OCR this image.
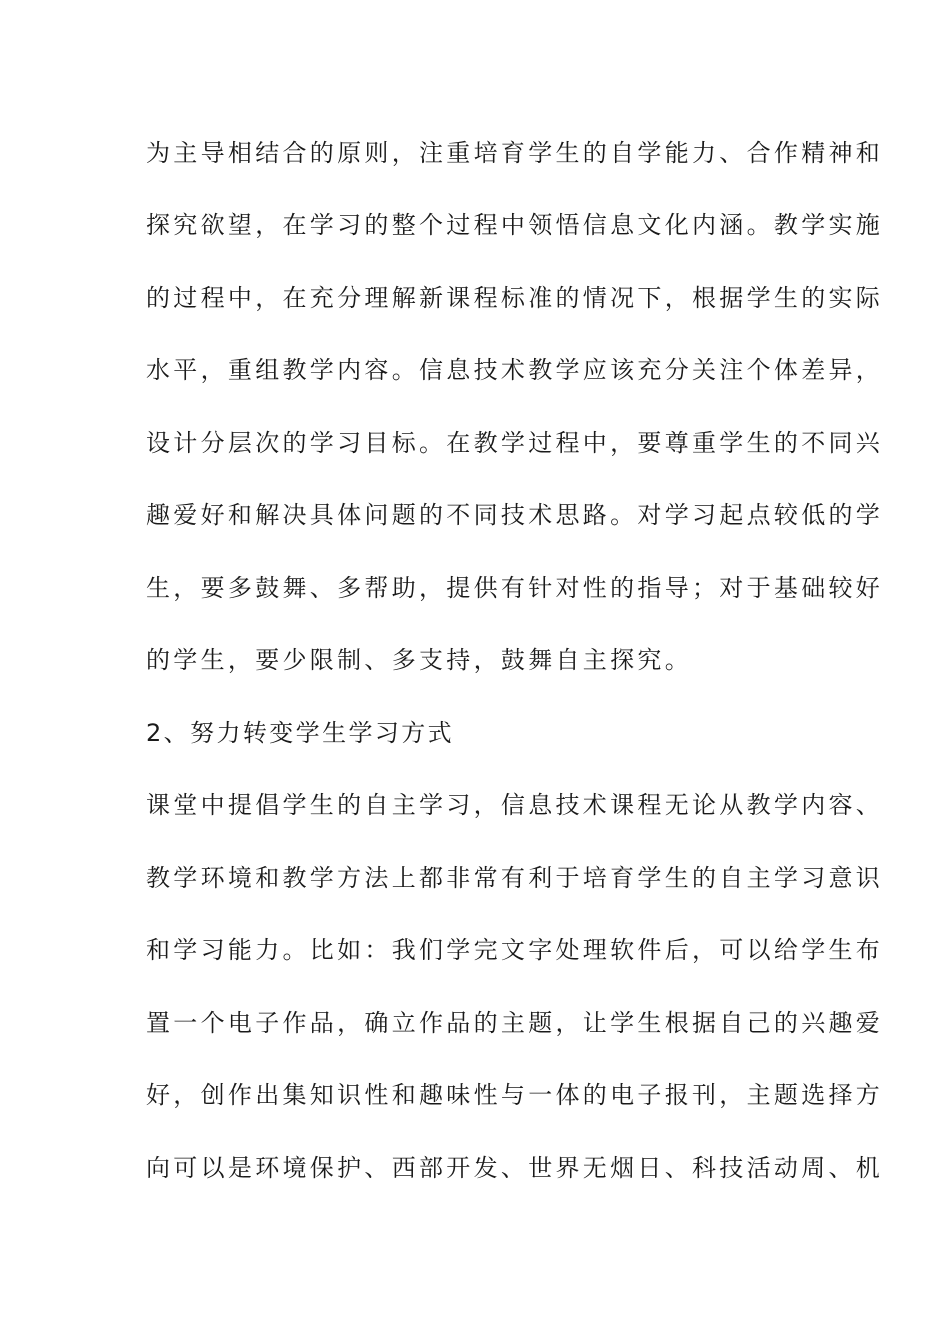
为主导相结合的原则，注重培育学生的自学能力、合作精神和
探究欲望，在学习的整个过程中领悟信息文化内涵。教学实施
的过程中，在充分理解新课程标准的情况下，根据学生的实际
水平，重组教学内容。信息技术教学应该充分关注个体差异，
设计分层次的学习目标。在教学过程中，要尊重学生的不同兴
趣爱好和解决具体问题的不同技术思路。对学习起点较低的学
生，要多鼓舞、多帮助，提供有针对性的指导；对于基础较好
的学生，要少限制、多支持，鼓舞自主探究。
2、努力转变学生学习方式
课堂中提倡学生的自主学习，信息技术课程无论从教学内容、
教学环境和教学方法上都非常有利于培育学生的自主学习意识
和学习能力。比如：我们学完文字处理软件后，可以给学生布
置一个电子作品，确立作品的主题，让学生根据自己的兴趣爱
好，创作出集知识性和趣味性与一体的电子报刊，主题选择方
向可以是环境保护、西部开发、世界无烟日、科技活动周、机
